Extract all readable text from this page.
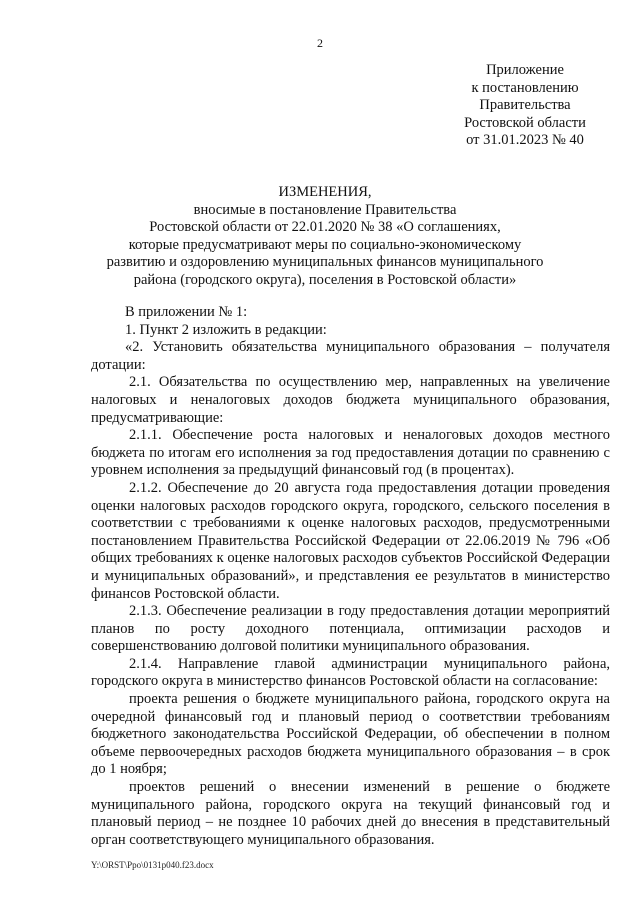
2
Приложение
к постановлению
Правительства
Ростовской области
от 31.01.2023 № 40
ИЗМЕНЕНИЯ,
вносимые в постановление Правительства
Ростовской области от 22.01.2020 № 38 «О соглашениях,
которые предусматривают меры по социально-экономическому
развитию и оздоровлению муниципальных финансов муниципального
района (городского округа), поселения в Ростовской области»

В приложении № 1:

1. Пункт 2 изложить в редакции:

«2. Установить обязательства муниципального образования – получателя дотации:

2.1. Обязательства по осуществлению мер, направленных на увеличение налоговых и неналоговых доходов бюджета муниципального образования, предусматривающие:

2.1.1. Обеспечение роста налоговых и неналоговых доходов местного бюджета по итогам его исполнения за год предоставления дотации по сравнению с уровнем исполнения за предыдущий финансовый год (в процентах).

2.1.2. Обеспечение до 20 августа года предоставления дотации проведения оценки налоговых расходов городского округа, городского, сельского поселения в соответствии с требованиями к оценке налоговых расходов, предусмотренными постановлением Правительства Российской Федерации от 22.06.2019 № 796 «Об общих требованиях к оценке налоговых расходов субъектов Российской Федерации и муниципальных образований», и представления ее результатов в министерство финансов Ростовской области.

2.1.3. Обеспечение реализации в году предоставления дотации мероприятий планов по росту доходного потенциала, оптимизации расходов и совершенствованию долговой политики муниципального образования.

2.1.4. Направление главой администрации муниципального района, городского округа в министерство финансов Ростовской области на согласование:

проекта решения о бюджете муниципального района, городского округа на очередной финансовый год и плановый период о соответствии требованиям бюджетного законодательства Российской Федерации, об обеспечении в полном объеме первоочередных расходов бюджета муниципального образования – в срок до 1 ноября;

проектов решений о внесении изменений в решение о бюджете муниципального района, городского округа на текущий финансовый год и плановый период – не позднее 10 рабочих дней до внесения в представительный орган соответствующего муниципального образования.

Y:\ORST\Ppo\0131p040.f23.docx
